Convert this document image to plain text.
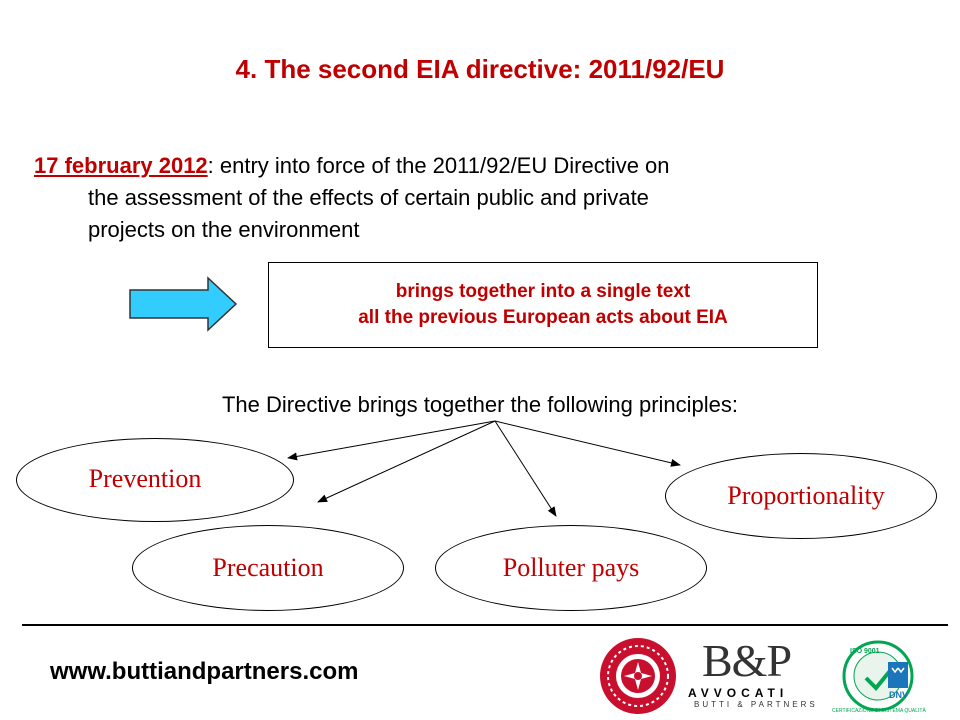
4. The second EIA directive: 2011/92/EU
17 february 2012: entry into force of the 2011/92/EU Directive on
the assessment of the effects of certain public and private
projects on the environment
brings together into a single text
all the previous European acts about EIA
The Directive brings together the following principles:
Prevention
Precaution	Polluter pays
Proportionality
www.buttiandpartners.com	B&P
AVVOCATI
BUTTI & PARTNERS
ISO 9001
DNV
CERTIFICAZIONE DI SISTEMA QUALITÀ
